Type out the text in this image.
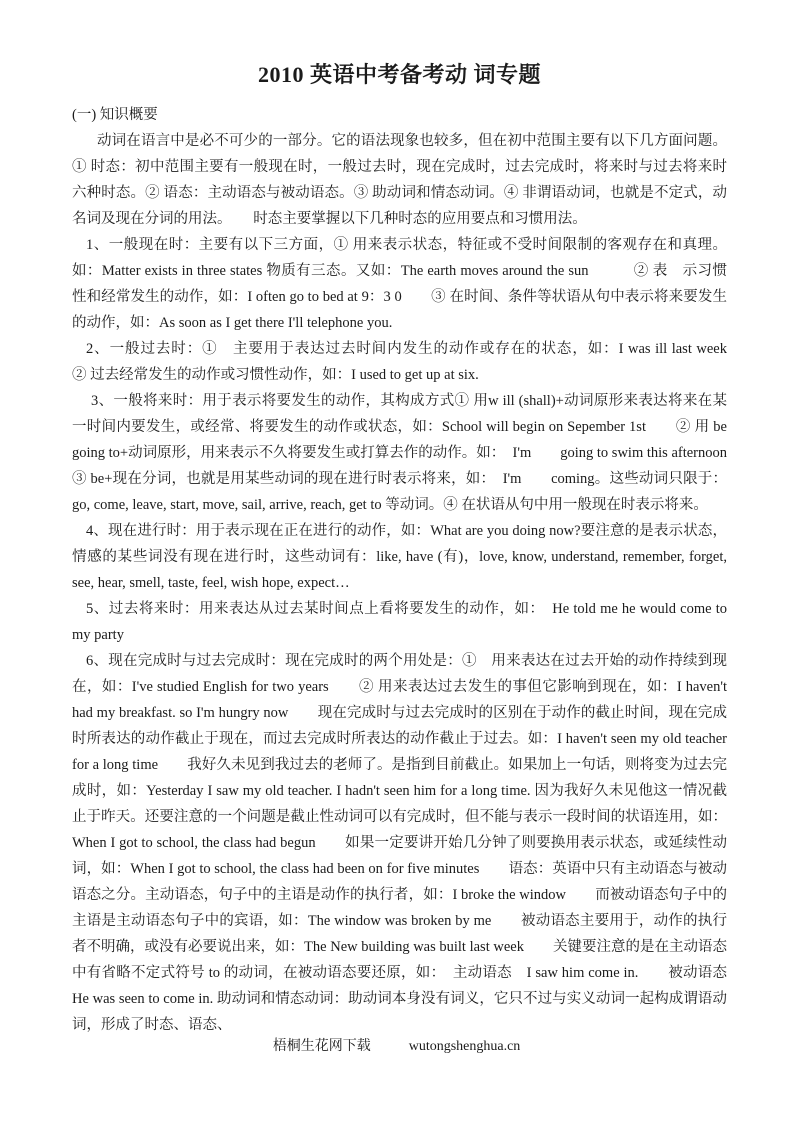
2010 英语中考备考动 词专题

(一) 知识概要

动词在语言中是必不可少的一部分。它的语法现象也较多，但在初中范围主要有以下几方面问题。① 时态：初中范围主要有一般现在时，一般过去时，现在完成时，过去完成时，将来时与过去将来时六种时态。② 语态：主动语态与被动语态。③ 助动词和情态动词。④ 非谓语动词，也就是不定式，动名词及现在分词的用法。　　时态主要掌握以下几种时态的应用要点和习惯用法。

1、一般现在时：主要有以下三方面，① 用来表示状态，特征或不受时间限制的客观存在和真理。如：Matter exists in three states 物质有三态。又如：The earth moves around the sun　　　② 表　示习惯性和经常发生的动作，如：I often go to bed at 9：3 0　　③ 在时间、条件等状语从句中表示将来要发生的动作，如：As soon as I get there I'll telephone you.

2、一般过去时：①　主要用于表达过去时间内发生的动作或存在的状态，如：I was ill last week　　② 过去经常发生的动作或习惯性动作，如：I used to get up at six.

3、一般将来时：用于表示将要发生的动作，其构成方式① 用w ill (shall)+动词原形来表达将来在某一时间内要发生，或经常、将要发生的动作或状态，如：School will begin on Sepember 1st　　② 用 be going to+动词原形，用来表示不久将要发生或打算去作的动作。如：　I'm　　going to swim this afternoon　　③ be+现在分词，也就是用某些动词的现在进行时表示将来，如：　I'm　　coming。这些动词只限于：go, come, leave, start, move, sail, arrive, reach, get to 等动词。④ 在状语从句中用一般现在时表示将来。

4、现在进行时：用于表示现在正在进行的动作，如：What are you doing now?要注意的是表示状态，情感的某些词没有现在进行时，这些动词有：like, have (有)，love, know, understand, remember, forget, see, hear, smell, taste, feel, wish hope, expect…

5、过去将来时：用来表达从过去某时间点上看将要发生的动作，如：　He told me he would come to my party

6、现在完成时与过去完成时：现在完成时的两个用处是：①　用来表达在过去开始的动作持续到现在，如：I've studied English for two years　　② 用来表达过去发生的事但它影响到现在，如：I haven't had my breakfast. so I'm hungry now　　现在完成时与过去完成时的区别在于动作的截止时间，现在完成时所表达的动作截止于现在，而过去完成时所表达的动作截止于过去。如：I haven't seen my old teacher for a long time　　我好久未见到我过去的老师了。是指到目前截止。如果加上一句话，则将变为过去完成时，如：Yesterday I saw my old teacher. I hadn't seen him for a long time. 因为我好久未见他这一情况截止于昨天。还要注意的一个问题是截止性动词可以有完成时，但不能与表示一段时间的状语连用，如：When I got to school, the class had begun　　如果一定要讲开始几分钟了则要换用表示状态，或延续性动词，如：When I got to school, the class had been on for five minutes　　语态：英语中只有主动语态与被动语态之分。主动语态，句子中的主语是动作的执行者，如：I broke the window　　而被动语态句子中的主语是主动语态句子中的宾语，如：The window was broken by me　　被动语态主要用于，动作的执行者不明确，或没有必要说出来，如：The New building was built last week　　关键要注意的是在主动语态中有省略不定式符号 to 的动词，在被动语态要还原，如：　主动语态　I saw him come in.　　被动语态　He was seen to come in. 助动词和情态动词：助动词本身没有词义，它只不过与实义动词一起构成谓语动词，形成了时态、语态、

梧桐生花网下载	wutongshenghua.cn
